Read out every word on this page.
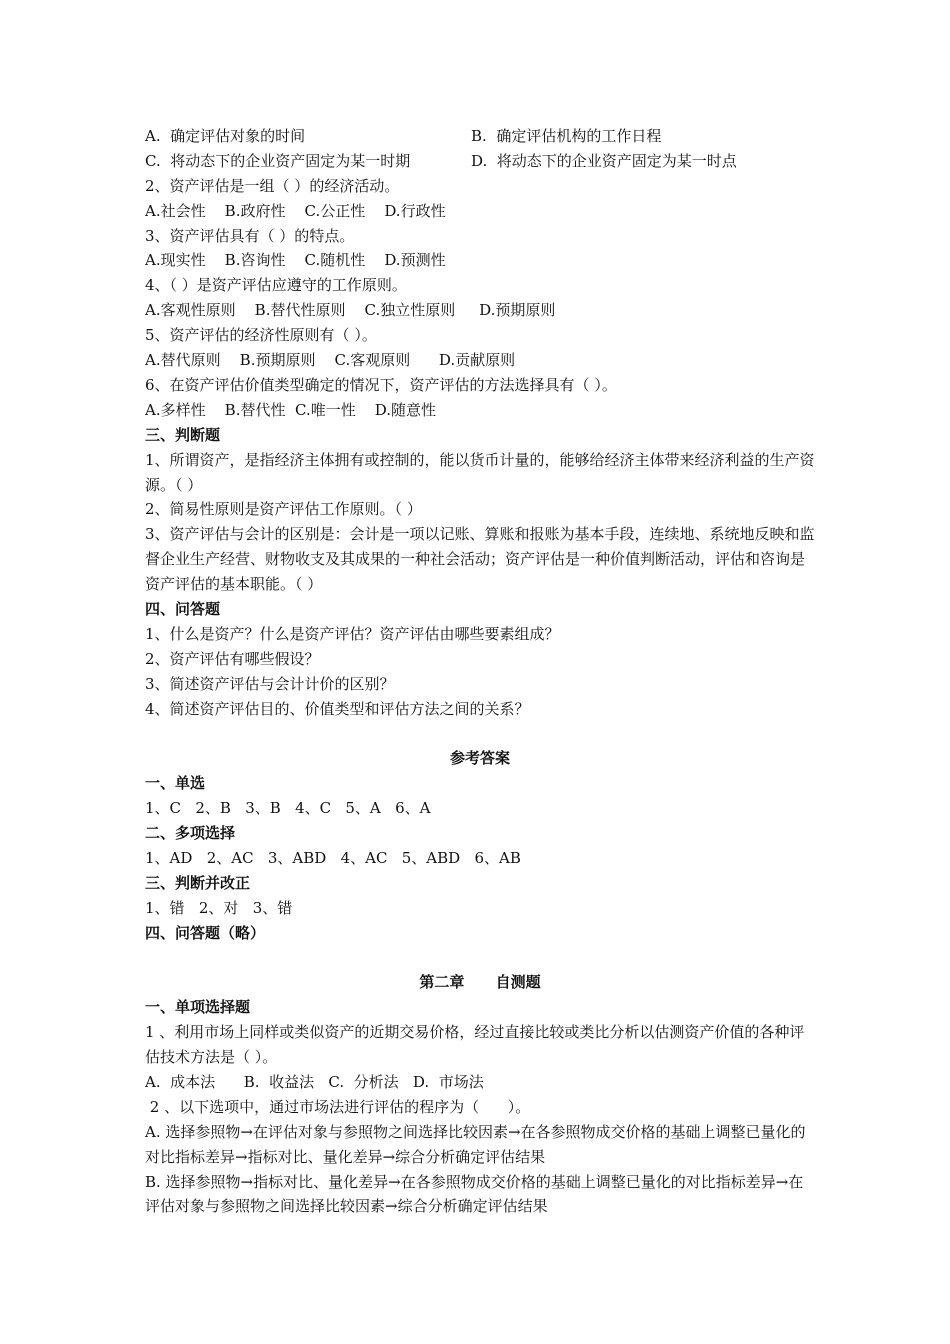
A.  确定评估对象的时间	B.  确定评估机构的工作日程
C.  将动态下的企业资产固定为某一时期	D.  将动态下的企业资产固定为某一时点
2、资产评估是一组（ ）的经济活动。
A.社会性    B.政府性    C.公正性    D.行政性
3、资产评估具有（ ）的特点。
A.现实性    B.咨询性    C.随机性    D.预测性
4、（ ）是资产评估应遵守的工作原则。
A.客观性原则    B.替代性原则    C.独立性原则     D.预期原则
5、资产评估的经济性原则有（ ）。
A.替代原则    B.预期原则    C.客观原则      D.贡献原则
6、在资产评估价值类型确定的情况下，资产评估的方法选择具有（ ）。
A.多样性    B.替代性  C.唯一性    D.随意性
三、判断题
1、所谓资产，是指经济主体拥有或控制的，能以货币计量的，能够给经济主体带来经济利益的生产资源。（ ）
2、简易性原则是资产评估工作原则。（ ）
3、资产评估与会计的区别是：会计是一项以记账、算账和报账为基本手段，连续地、系统地反映和监督企业生产经营、财物收支及其成果的一种社会活动；资产评估是一种价值判断活动，评估和咨询是资产评估的基本职能。（ ）
四、问答题
1、什么是资产？什么是资产评估？资产评估由哪些要素组成？
2、资产评估有哪些假设？
3、简述资产评估与会计计价的区别？
4、简述资产评估目的、价值类型和评估方法之间的关系？
参考答案
一、单选
1、C   2、B   3、B   4、C   5、A   6、A
二、多项选择
1、AD   2、AC   3、ABD   4、AC   5、ABD   6、AB
三、判断并改正
1、错   2、对   3、错
四、问答题（略）
第二章      自测题
一、单项选择题
1 、利用市场上同样或类似资产的近期交易价格，经过直接比较或类比分析以估测资产价值的各种评估技术方法是（ ）。
A.  成本法      B.  收益法   C.  分析法   D.  市场法
2 、以下选项中，通过市场法进行评估的程序为（      ）。
A. 选择参照物→在评估对象与参照物之间选择比较因素→在各参照物成交价格的基础上调整已量化的对比指标差异→指标对比、量化差异→综合分析确定评估结果
B. 选择参照物→指标对比、量化差异→在各参照物成交价格的基础上调整已量化的对比指标差异→在评估对象与参照物之间选择比较因素→综合分析确定评估结果
